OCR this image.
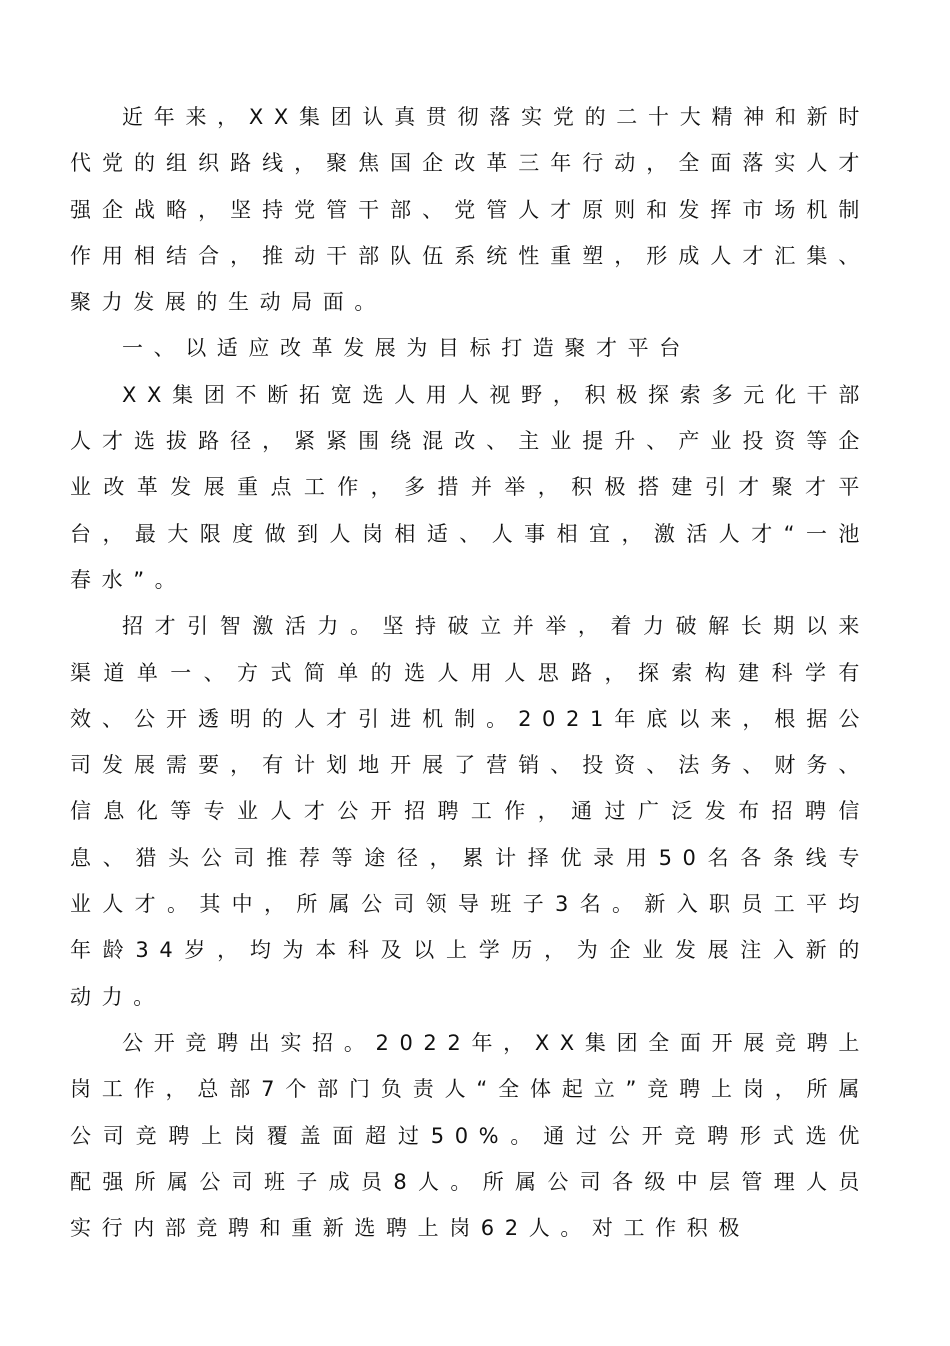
近年来，XX集团认真贯彻落实党的二十大精神和新时代党的组织路线，聚焦国企改革三年行动，全面落实人才强企战略，坚持党管干部、党管人才原则和发挥市场机制作用相结合，推动干部队伍系统性重塑，形成人才汇集、聚力发展的生动局面。

一、以适应改革发展为目标打造聚才平台

XX集团不断拓宽选人用人视野，积极探索多元化干部人才选拔路径，紧紧围绕混改、主业提升、产业投资等企业改革发展重点工作，多措并举，积极搭建引才聚才平台，最大限度做到人岗相适、人事相宜，激活人才“一池春水”。

招才引智激活力。坚持破立并举，着力破解长期以来渠道单一、方式简单的选人用人思路，探索构建科学有效、公开透明的人才引进机制。2021年底以来，根据公司发展需要，有计划地开展了营销、投资、法务、财务、信息化等专业人才公开招聘工作，通过广泛发布招聘信息、猎头公司推荐等途径，累计择优录用50名各条线专业人才。其中，所属公司领导班子3名。新入职员工平均年龄34岁，均为本科及以上学历，为企业发展注入新的动力。

公开竞聘出实招。2022年，XX集团全面开展竞聘上岗工作，总部7个部门负责人“全体起立”竞聘上岗，所属公司竞聘上岗覆盖面超过50%。通过公开竞聘形式选优配强所属公司班子成员8人。所属公司各级中层管理人员实行内部竞聘和重新选聘上岗62人。对工作积极
